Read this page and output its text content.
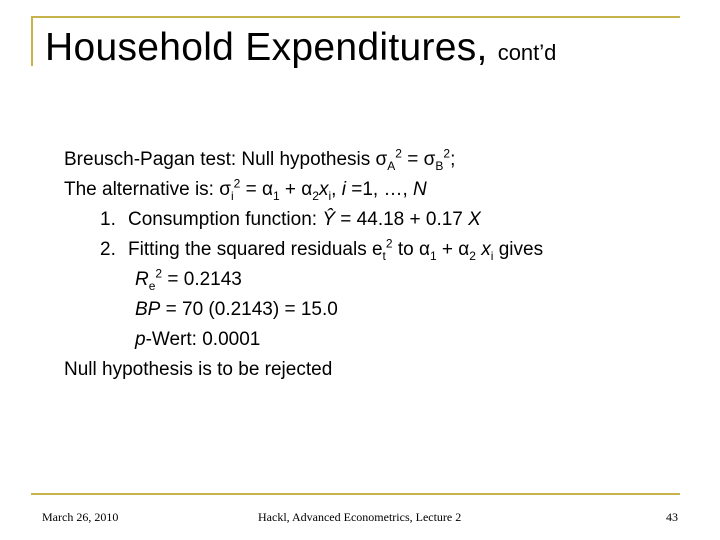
Household Expenditures, cont’d
Breusch-Pagan test: Null hypothesis $\sigma_A^2 = \sigma_B^2$;
The alternative is: $\sigma_i^2 = \alpha_1 + \alpha_2x_i$, i =1, …, N
1. Consumption function: Ŷ = 44.18 + 0.17 X
2. Fitting the squared residuals $e_t^2$ to $\alpha_1 + \alpha_2$ $x_i$ gives
$R_e^2 = 0.2143$
BP = 70 (0.2143) = 15.0
p-Wert: 0.0001
Null hypothesis is to be rejected
March 26, 2010	Hackl, Advanced Econometrics, Lecture 2	43
